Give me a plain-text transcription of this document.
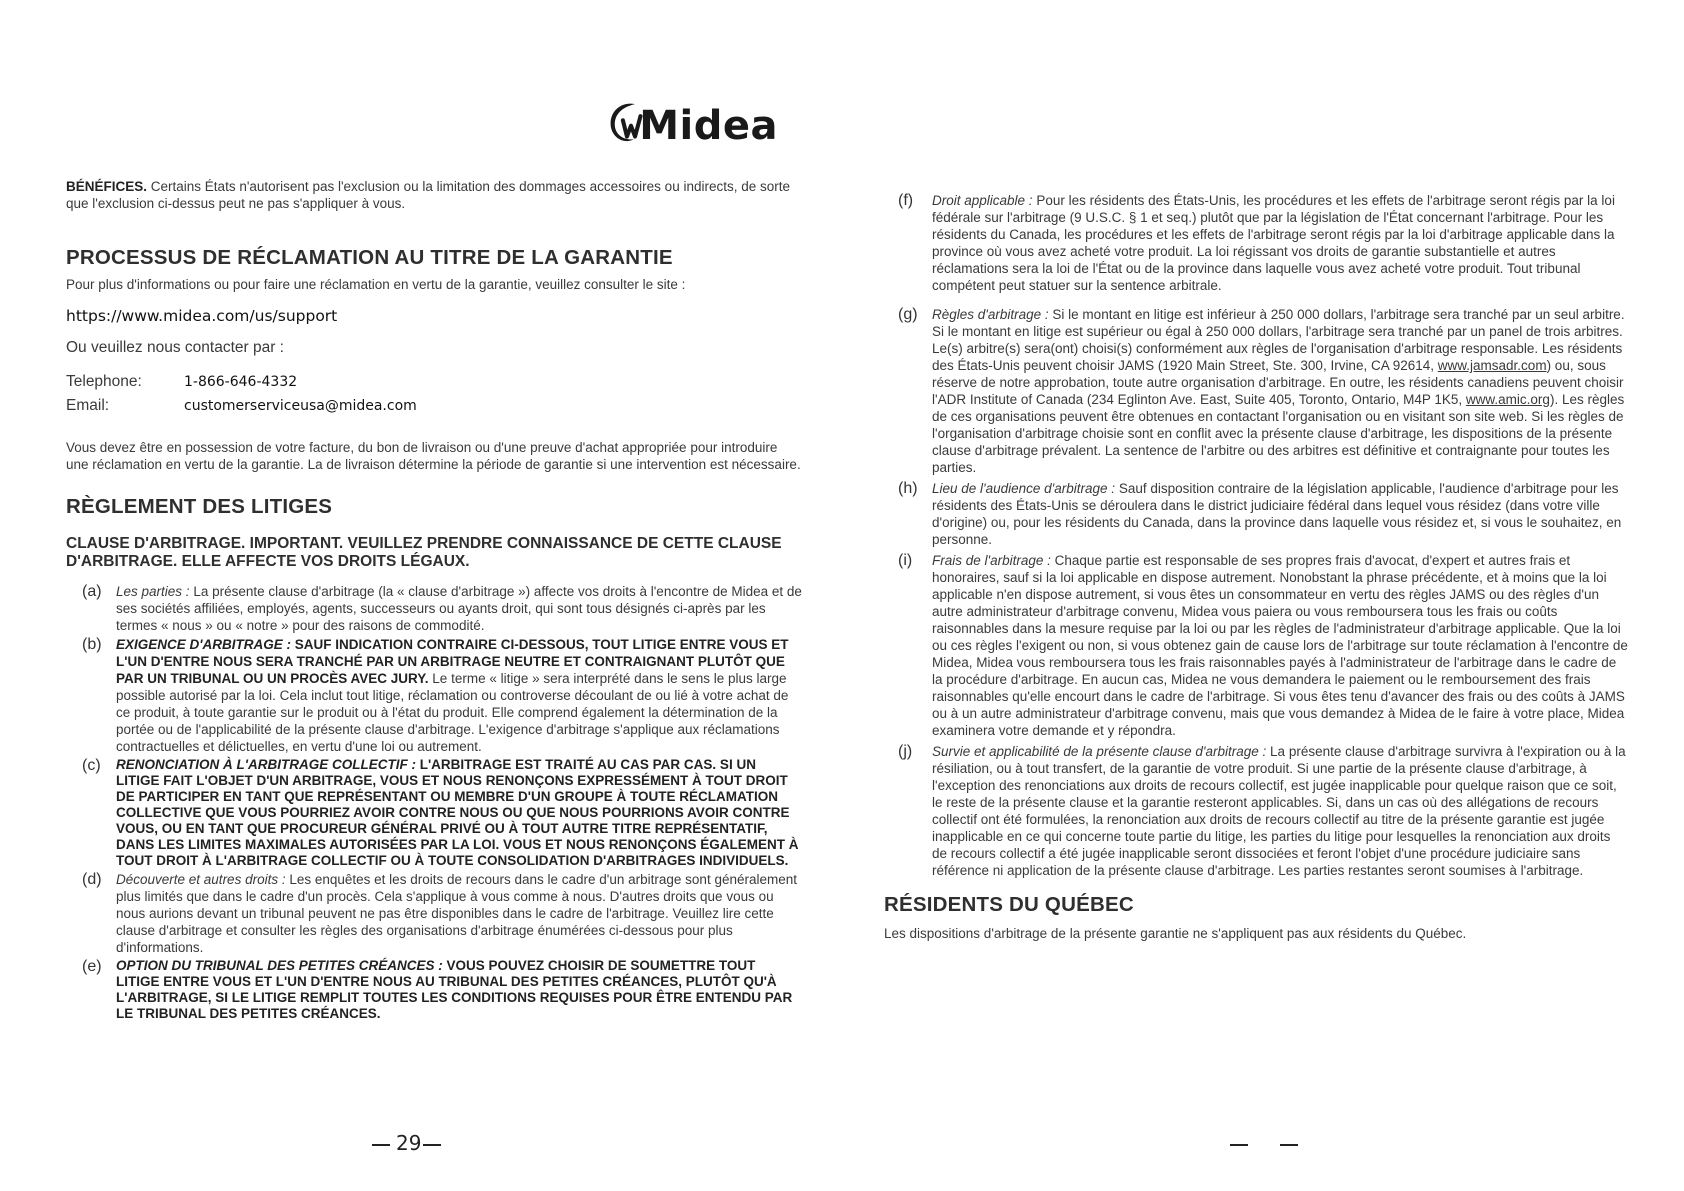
Midea

BÉNÉFICES. Certains États n'autorisent pas l'exclusion ou la limitation des dommages accessoires ou indirects, de sorte que l'exclusion ci-dessus peut ne pas s'appliquer à vous.

PROCESSUS DE RÉCLAMATION AU TITRE DE LA GARANTIE

Pour plus d'informations ou pour faire une réclamation en vertu de la garantie, veuillez consulter le site :

https://www.midea.com/us/support
Ou veuillez nous contacter par :
Telephone:	1-866-646-4332
Email:	customerserviceusa@midea.com

Vous devez être en possession de votre facture, du bon de livraison ou d'une preuve d'achat appropriée pour introduire une réclamation en vertu de la garantie. La de livraison détermine la période de garantie si une intervention est nécessaire.

RÈGLEMENT DES LITIGES
CLAUSE D'ARBITRAGE. IMPORTANT. VEUILLEZ PRENDRE CONNAISSANCE DE CETTE CLAUSE D'ARBITRAGE. ELLE AFFECTE VOS DROITS LÉGAUX.
(a)	Les parties : La présente clause d'arbitrage (la « clause d'arbitrage ») affecte vos droits à l'encontre de Midea et de ses sociétés affiliées, employés, agents, successeurs ou ayants droit, qui sont tous désignés ci-après par les termes « nous » ou « notre » pour des raisons de commodité.
(b)	EXIGENCE D'ARBITRAGE : SAUF INDICATION CONTRAIRE CI-DESSOUS, TOUT LITIGE ENTRE VOUS ET L'UN D'ENTRE NOUS SERA TRANCHÉ PAR UN ARBITRAGE NEUTRE ET CONTRAIGNANT PLUTÔT QUE PAR UN TRIBUNAL OU UN PROCÈS AVEC JURY. Le terme « litige » sera interprété dans le sens le plus large possible autorisé par la loi. Cela inclut tout litige, réclamation ou controverse découlant de ou lié à votre achat de ce produit, à toute garantie sur le produit ou à l'état du produit. Elle comprend également la détermination de la portée ou de l'applicabilité de la présente clause d'arbitrage. L'exigence d'arbitrage s'applique aux réclamations contractuelles et délictuelles, en vertu d'une loi ou autrement.
(c)	RENONCIATION À L'ARBITRAGE COLLECTIF : L'ARBITRAGE EST TRAITÉ AU CAS PAR CAS. SI UN LITIGE FAIT L'OBJET D'UN ARBITRAGE, VOUS ET NOUS RENONÇONS EXPRESSÉMENT À TOUT DROIT DE PARTICIPER EN TANT QUE REPRÉSENTANT OU MEMBRE D'UN GROUPE À TOUTE RÉCLAMATION COLLECTIVE QUE VOUS POURRIEZ AVOIR CONTRE NOUS OU QUE NOUS POURRIONS AVOIR CONTRE VOUS, OU EN TANT QUE PROCUREUR GÉNÉRAL PRIVÉ OU À TOUT AUTRE TITRE REPRÉSENTATIF, DANS LES LIMITES MAXIMALES AUTORISÉES PAR LA LOI. VOUS ET NOUS RENONÇONS ÉGALEMENT À TOUT DROIT À L'ARBITRAGE COLLECTIF OU À TOUTE CONSOLIDATION D'ARBITRAGES INDIVIDUELS.
(d)	Découverte et autres droits : Les enquêtes et les droits de recours dans le cadre d'un arbitrage sont généralement plus limités que dans le cadre d'un procès. Cela s'applique à vous comme à nous. D'autres droits que vous ou nous aurions devant un tribunal peuvent ne pas être disponibles dans le cadre de l'arbitrage. Veuillez lire cette clause d'arbitrage et consulter les règles des organisations d'arbitrage énumérées ci-dessous pour plus d'informations.
(e)	OPTION DU TRIBUNAL DES PETITES CRÉANCES : VOUS POUVEZ CHOISIR DE SOUMETTRE TOUT LITIGE ENTRE VOUS ET L'UN D'ENTRE NOUS AU TRIBUNAL DES PETITES CRÉANCES, PLUTÔT QU'À L'ARBITRAGE, SI LE LITIGE REMPLIT TOUTES LES CONDITIONS REQUISES POUR ÊTRE ENTENDU PAR LE TRIBUNAL DES PETITES CRÉANCES.
(f)	Droit applicable : Pour les résidents des États-Unis, les procédures et les effets de l'arbitrage seront régis par la loi fédérale sur l'arbitrage (9 U.S.C. § 1 et seq.) plutôt que par la législation de l'État concernant l'arbitrage. Pour les résidents du Canada, les procédures et les effets de l'arbitrage seront régis par la loi d'arbitrage applicable dans la province où vous avez acheté votre produit. La loi régissant vos droits de garantie substantielle et autres réclamations sera la loi de l'État ou de la province dans laquelle vous avez acheté votre produit. Tout tribunal compétent peut statuer sur la sentence arbitrale.
(g)	Règles d'arbitrage : Si le montant en litige est inférieur à 250 000 dollars, l'arbitrage sera tranché par un seul arbitre. Si le montant en litige est supérieur ou égal à 250 000 dollars, l'arbitrage sera tranché par un panel de trois arbitres. Le(s) arbitre(s) sera(ont) choisi(s) conformément aux règles de l'organisation d'arbitrage responsable. Les résidents des États-Unis peuvent choisir JAMS (1920 Main Street, Ste. 300, Irvine, CA 92614, www.jamsadr.com) ou, sous réserve de notre approbation, toute autre organisation d'arbitrage. En outre, les résidents canadiens peuvent choisir l'ADR Institute of Canada (234 Eglinton Ave. East, Suite 405, Toronto, Ontario, M4P 1K5, www.amic.org). Les règles de ces organisations peuvent être obtenues en contactant l'organisation ou en visitant son site web. Si les règles de l'organisation d'arbitrage choisie sont en conflit avec la présente clause d'arbitrage, les dispositions de la présente clause d'arbitrage prévalent. La sentence de l'arbitre ou des arbitres est définitive et contraignante pour toutes les parties.
(h)	Lieu de l'audience d'arbitrage : Sauf disposition contraire de la législation applicable, l'audience d'arbitrage pour les résidents des États-Unis se déroulera dans le district judiciaire fédéral dans lequel vous résidez (dans votre ville d'origine) ou, pour les résidents du Canada, dans la province dans laquelle vous résidez et, si vous le souhaitez, en personne.
(i)	Frais de l'arbitrage : Chaque partie est responsable de ses propres frais d'avocat, d'expert et autres frais et honoraires, sauf si la loi applicable en dispose autrement. Nonobstant la phrase précédente, et à moins que la loi applicable n'en dispose autrement, si vous êtes un consommateur en vertu des règles JAMS ou des règles d'un autre administrateur d'arbitrage convenu, Midea vous paiera ou vous remboursera tous les frais ou coûts raisonnables dans la mesure requise par la loi ou par les règles de l'administrateur d'arbitrage applicable. Que la loi ou ces règles l'exigent ou non, si vous obtenez gain de cause lors de l'arbitrage sur toute réclamation à l'encontre de Midea, Midea vous remboursera tous les frais raisonnables payés à l'administrateur de l'arbitrage dans le cadre de la procédure d'arbitrage. En aucun cas, Midea ne vous demandera le paiement ou le remboursement des frais raisonnables qu'elle encourt dans le cadre de l'arbitrage. Si vous êtes tenu d'avancer des frais ou des coûts à JAMS ou à un autre administrateur d'arbitrage convenu, mais que vous demandez à Midea de le faire à votre place, Midea examinera votre demande et y répondra.
(j)	Survie et applicabilité de la présente clause d'arbitrage : La présente clause d'arbitrage survivra à l'expiration ou à la résiliation, ou à tout transfert, de la garantie de votre produit. Si une partie de la présente clause d'arbitrage, à l'exception des renonciations aux droits de recours collectif, est jugée inapplicable pour quelque raison que ce soit, le reste de la présente clause et la garantie resteront applicables. Si, dans un cas où des allégations de recours collectif ont été formulées, la renonciation aux droits de recours collectif au titre de la présente garantie est jugée inapplicable en ce qui concerne toute partie du litige, les parties du litige pour lesquelles la renonciation aux droits de recours collectif a été jugée inapplicable seront dissociées et feront l'objet d'une procédure judiciaire sans référence ni application de la présente clause d'arbitrage. Les parties restantes seront soumises à l'arbitrage.
RÉSIDENTS DU QUÉBEC

Les dispositions d'arbitrage de la présente garantie ne s'appliquent pas aux résidents du Québec.

29
